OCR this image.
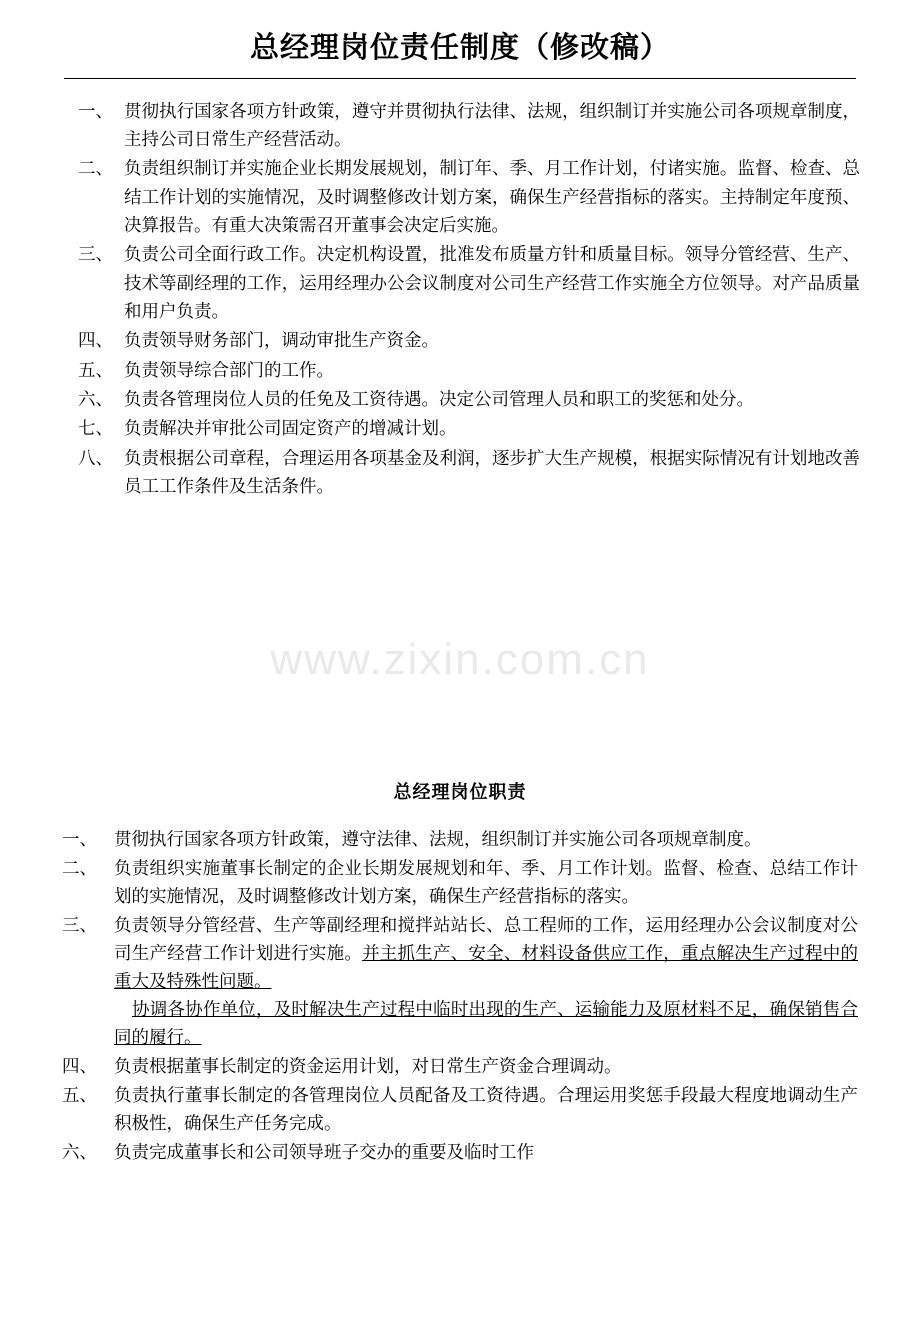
总经理岗位责任制度（修改稿）
一、 贯彻执行国家各项方针政策，遵守并贯彻执行法律、法规，组织制订并实施公司各项规章制度，主持公司日常生产经营活动。
二、 负责组织制订并实施企业长期发展规划，制订年、季、月工作计划，付诸实施。监督、检查、总结工作计划的实施情况，及时调整修改计划方案，确保生产经营指标的落实。主持制定年度预、决算报告。有重大决策需召开董事会决定后实施。
三、 负责公司全面行政工作。决定机构设置，批准发布质量方针和质量目标。领导分管经营、生产、技术等副经理的工作，运用经理办公会议制度对公司生产经营工作实施全方位领导。对产品质量和用户负责。
四、 负责领导财务部门，调动审批生产资金。
五、 负责领导综合部门的工作。
六、 负责各管理岗位人员的任免及工资待遇。决定公司管理人员和职工的奖惩和处分。
七、 负责解决并审批公司固定资产的增减计划。
八、 负责根据公司章程，合理运用各项基金及利润，逐步扩大生产规模，根据实际情况有计划地改善员工工作条件及生活条件。
www.zixin.com.cn
总经理岗位职责
一、 贯彻执行国家各项方针政策，遵守法律、法规，组织制订并实施公司各项规章制度。
二、 负责组织实施董事长制定的企业长期发展规划和年、季、月工作计划。监督、检查、总结工作计划的实施情况，及时调整修改计划方案，确保生产经营指标的落实。
三、 负责领导分管经营、生产等副经理和搅拌站站长、总工程师的工作，运用经理办公会议制度对公司生产经营工作计划进行实施。并主抓生产、安全、材料设备供应工作，重点解决生产过程中的重大及特殊性问题。
协调各协作单位，及时解决生产过程中临时出现的生产、运输能力及原材料不足，确保销售合同的履行。
四、 负责根据董事长制定的资金运用计划，对日常生产资金合理调动。
五、 负责执行董事长制定的各管理岗位人员配备及工资待遇。合理运用奖惩手段最大程度地调动生产积极性，确保生产任务完成。
六、 负责完成董事长和公司领导班子交办的重要及临时工作
